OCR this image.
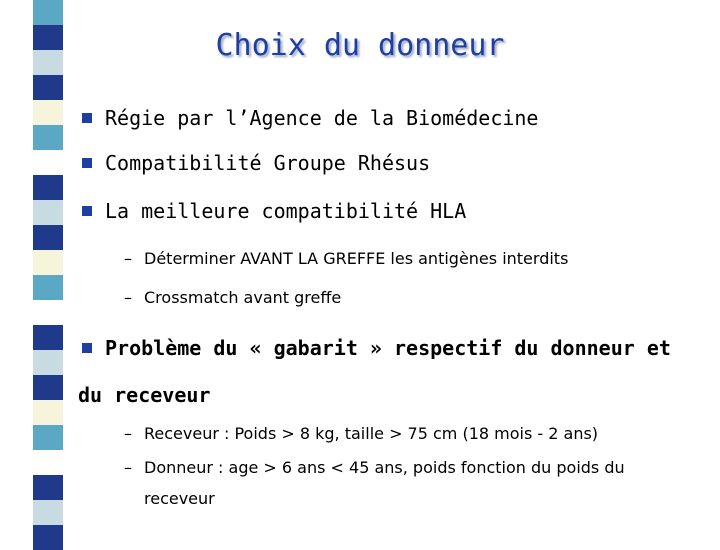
Choix du donneur
Régie par l’Agence de la Biomédecine
Compatibilité Groupe Rhésus
La meilleure compatibilité HLA
– Déterminer AVANT LA GREFFE les antigènes interdits
– Crossmatch avant greffe
Problème du « gabarit » respectif du donneur et
du receveur
– Receveur : Poids > 8 kg, taille > 75 cm (18 mois - 2 ans)
– Donneur : age > 6 ans < 45 ans, poids fonction du poids du
receveur
